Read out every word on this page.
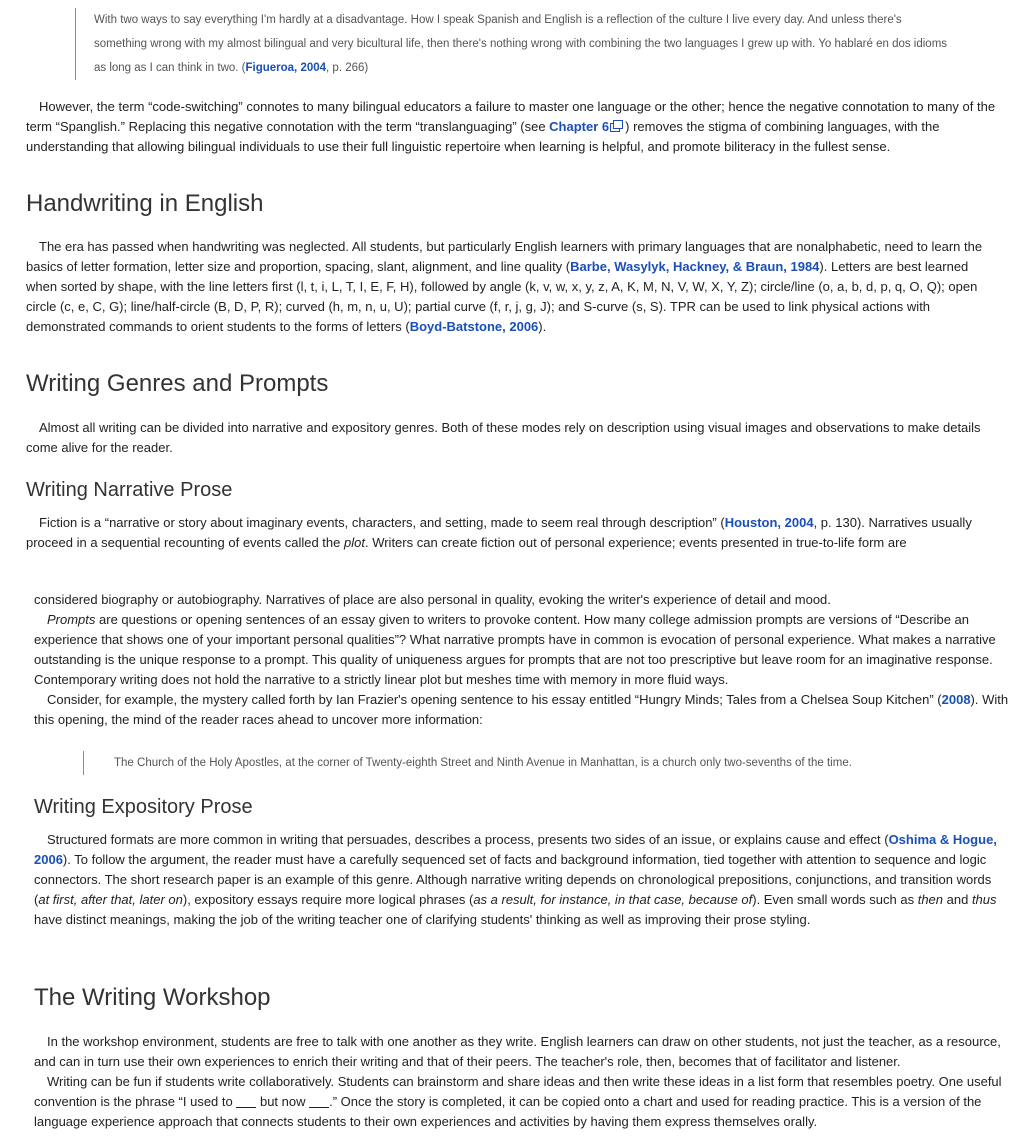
With two ways to say everything I'm hardly at a disadvantage. How I speak Spanish and English is a reflection of the culture I live every day. And unless there's something wrong with my almost bilingual and very bicultural life, then there's nothing wrong with combining the two languages I grew up with. Yo hablaré en dos idioms as long as I can think in two. (Figueroa, 2004, p. 266)

However, the term “code-switching” connotes to many bilingual educators a failure to master one language or the other; hence the negative connotation to many of the term “Spanglish.” Replacing this negative connotation with the term “translanguaging” (see Chapter 6 ) removes the stigma of combining languages, with the understanding that allowing bilingual individuals to use their full linguistic repertoire when learning is helpful, and promote biliteracy in the fullest sense.

Handwriting in English

The era has passed when handwriting was neglected. All students, but particularly English learners with primary languages that are nonalphabetic, need to learn the basics of letter formation, letter size and proportion, spacing, slant, alignment, and line quality (Barbe, Wasylyk, Hackney, & Braun, 1984). Letters are best learned when sorted by shape, with the line letters first (l, t, i, L, T, I, E, F, H), followed by angle (k, v, w, x, y, z, A, K, M, N, V, W, X, Y, Z); circle/line (o, a, b, d, p, q, O, Q); open circle (c, e, C, G); line/half-circle (B, D, P, R); curved (h, m, n, u, U); partial curve (f, r, j, g, J); and S-curve (s, S). TPR can be used to link physical actions with demonstrated commands to orient students to the forms of letters (Boyd-Batstone, 2006).

Writing Genres and Prompts

Almost all writing can be divided into narrative and expository genres. Both of these modes rely on description using visual images and observations to make details come alive for the reader.

Writing Narrative Prose

Fiction is a “narrative or story about imaginary events, characters, and setting, made to seem real through description” (Houston, 2004, p. 130). Narratives usually proceed in a sequential recounting of events called the plot. Writers can create fiction out of personal experience; events presented in true-to-life form are

considered biography or autobiography. Narratives of place are also personal in quality, evoking the writer's experience of detail and mood.

Prompts are questions or opening sentences of an essay given to writers to provoke content. How many college admission prompts are versions of “Describe an experience that shows one of your important personal qualities”? What narrative prompts have in common is evocation of personal experience. What makes a narrative outstanding is the unique response to a prompt. This quality of uniqueness argues for prompts that are not too prescriptive but leave room for an imaginative response. Contemporary writing does not hold the narrative to a strictly linear plot but meshes time with memory in more fluid ways.

Consider, for example, the mystery called forth by Ian Frazier's opening sentence to his essay entitled “Hungry Minds; Tales from a Chelsea Soup Kitchen” (2008). With this opening, the mind of the reader races ahead to uncover more information:

The Church of the Holy Apostles, at the corner of Twenty-eighth Street and Ninth Avenue in Manhattan, is a church only two-sevenths of the time.
Writing Expository Prose

Structured formats are more common in writing that persuades, describes a process, presents two sides of an issue, or explains cause and effect (Oshima & Hogue, 2006). To follow the argument, the reader must have a carefully sequenced set of facts and background information, tied together with attention to sequence and logic connectors. The short research paper is an example of this genre. Although narrative writing depends on chronological prepositions, conjunctions, and transition words (at first, after that, later on), expository essays require more logical phrases (as a result, for instance, in that case, because of). Even small words such as then and thus have distinct meanings, making the job of the writing teacher one of clarifying students' thinking as well as improving their prose styling.

The Writing Workshop

In the workshop environment, students are free to talk with one another as they write. English learners can draw on other students, not just the teacher, as a resource, and can in turn use their own experiences to enrich their writing and that of their peers. The teacher's role, then, becomes that of facilitator and listener.

Writing can be fun if students write collaboratively. Students can brainstorm and share ideas and then write these ideas in a list form that resembles poetry. One useful convention is the phrase “I used to  but now .” Once the story is completed, it can be copied onto a chart and used for reading practice. This is a version of the language experience approach that connects students to their own experiences and activities by having them express themselves orally.
